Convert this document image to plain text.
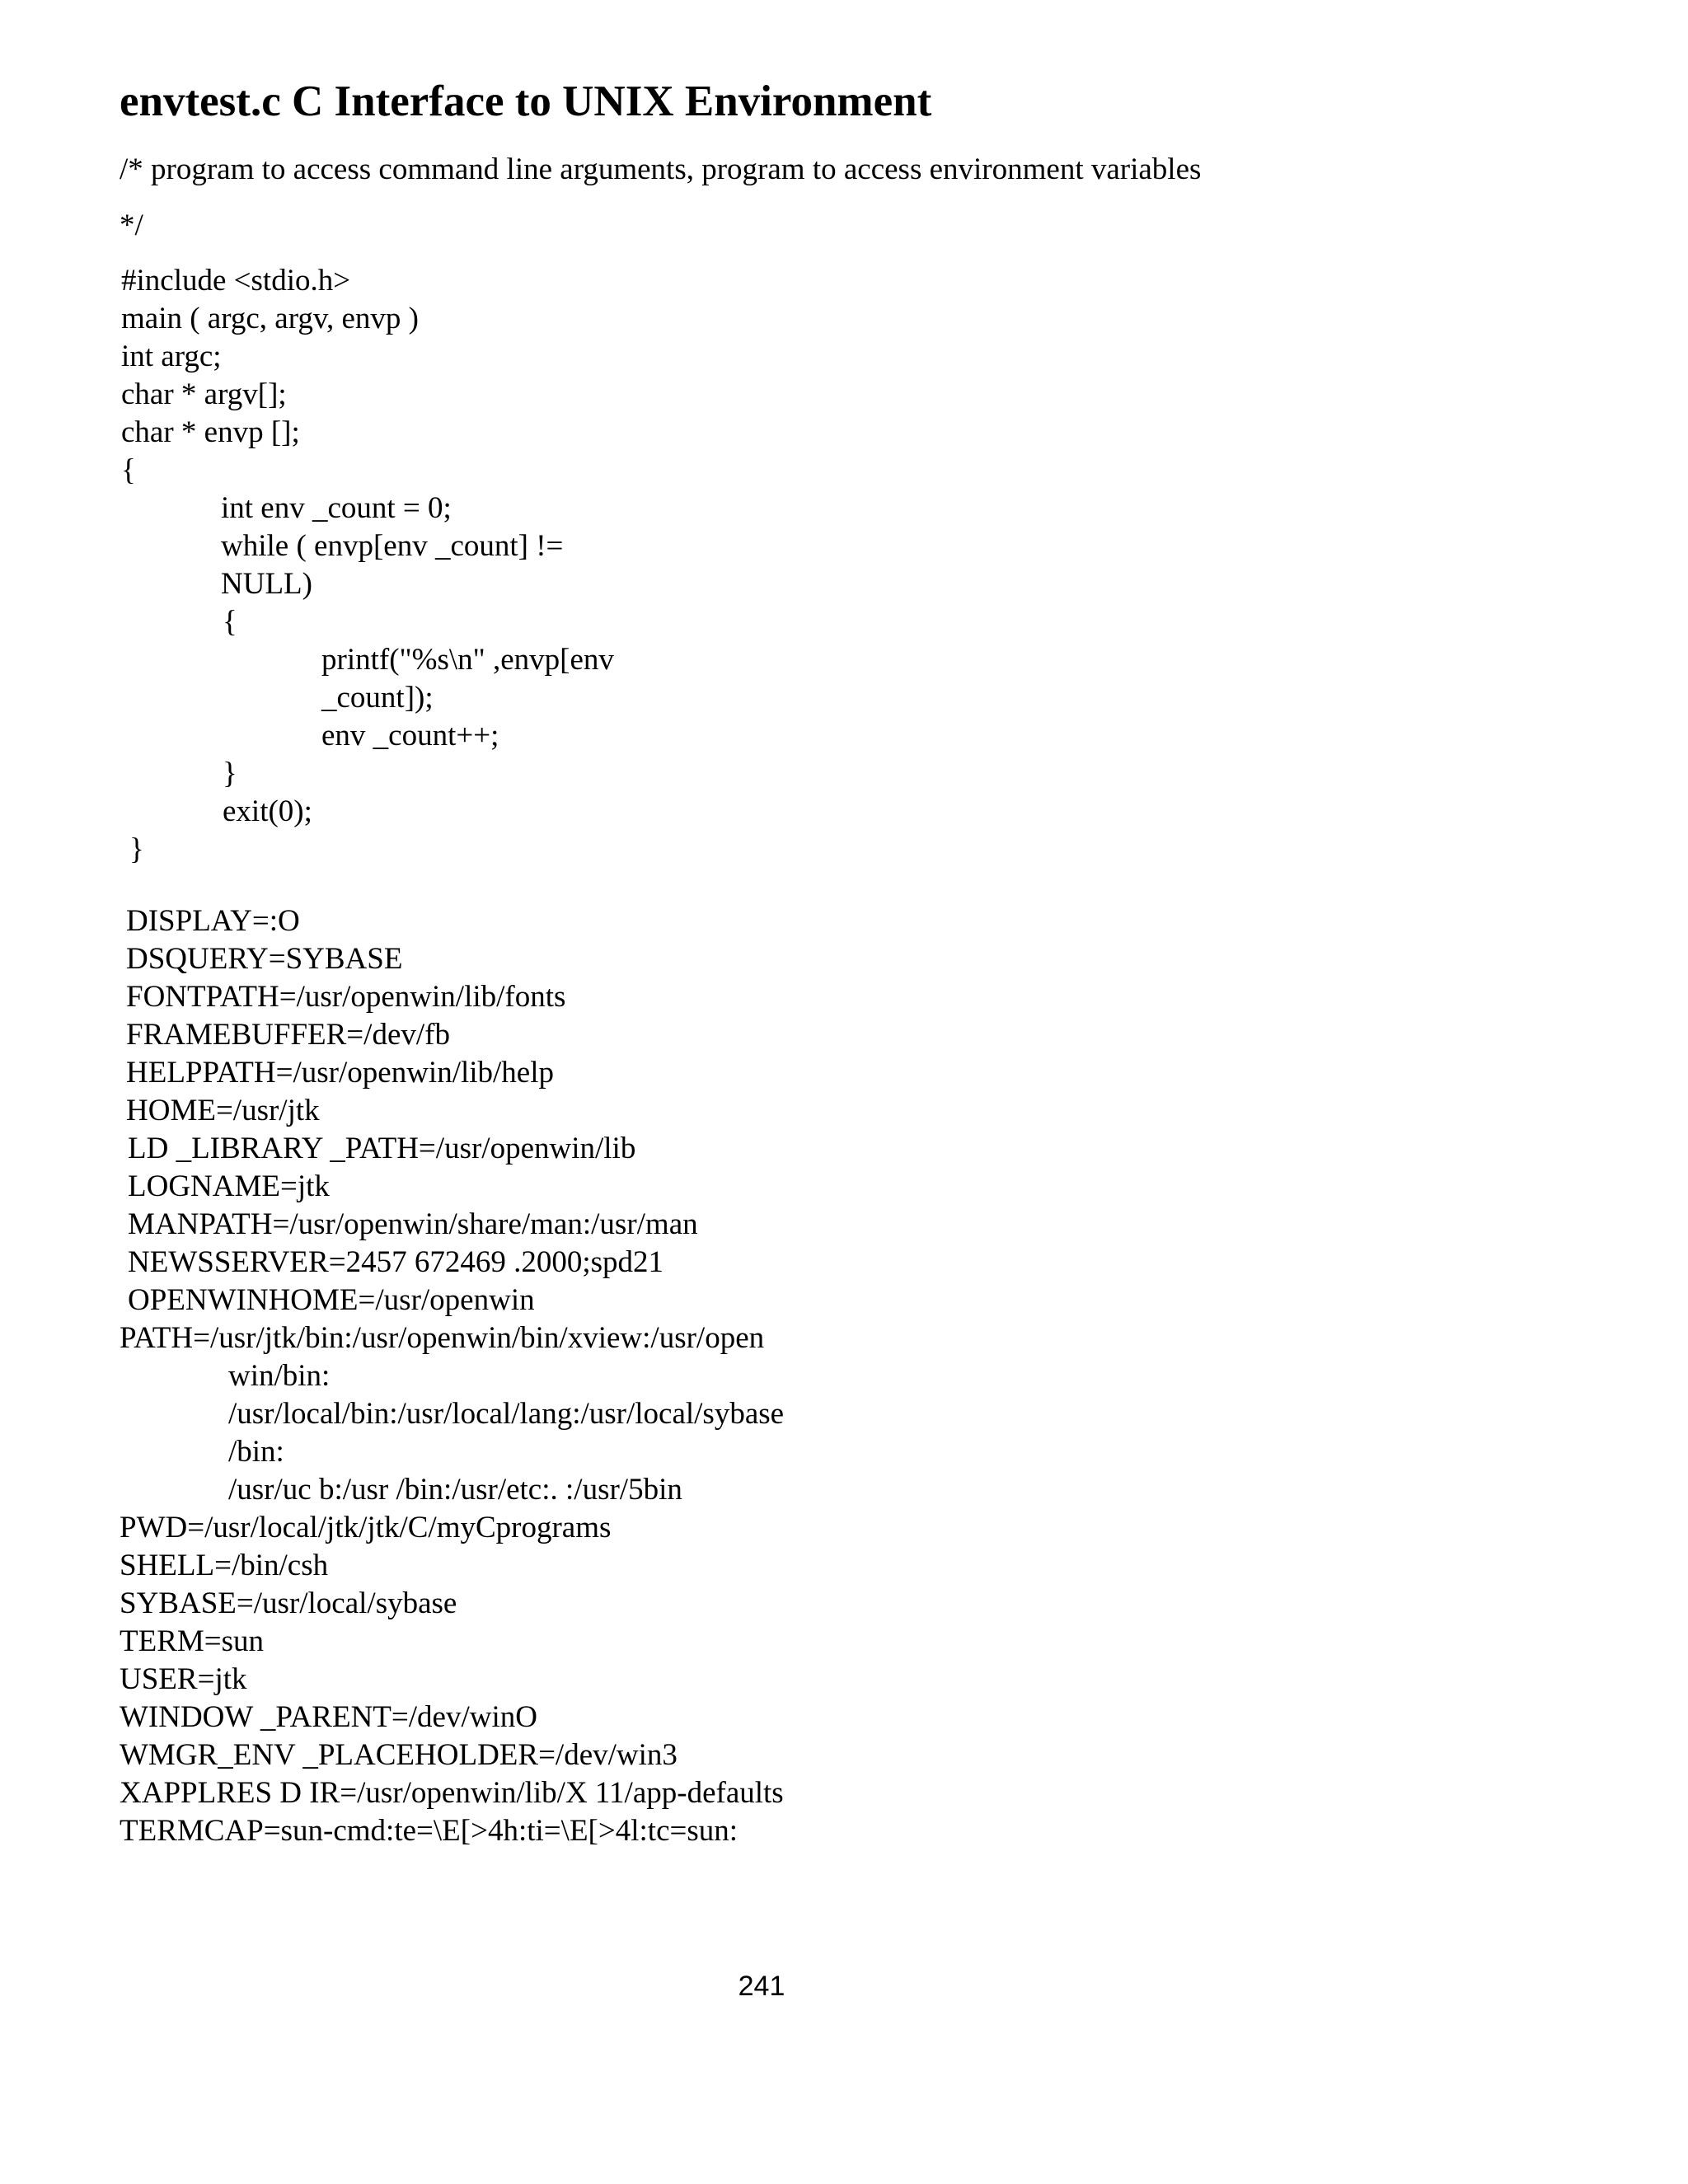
envtest.c C Interface to UNIX Environment
/* program to access command line arguments, program to access environment variables
*/
#include <stdio.h>
main ( argc, argv, envp )
int argc;
char * argv[];
char * envp [];
{
int env _count = 0;
while ( envp[env _count] !=
NULL)
{
printf("%s\n" ,envp[env
_count]);
env _count++;
}
exit(0);
}
DISPLAY=:O
DSQUERY=SYBASE
FONTPATH=/usr/openwin/lib/fonts
FRAMEBUFFER=/dev/fb
HELPPATH=/usr/openwin/lib/help
HOME=/usr/jtk
LD _LIBRARY _PATH=/usr/openwin/lib
LOGNAME=jtk
MANPATH=/usr/openwin/share/man:/usr/man
NEWSSERVER=2457 672469 .2000;spd21
OPENWINHOME=/usr/openwin
PATH=/usr/jtk/bin:/usr/openwin/bin/xview:/usr/open
win/bin:
/usr/local/bin:/usr/local/lang:/usr/local/sybase
/bin:
/usr/uc b:/usr /bin:/usr/etc:. :/usr/5bin
PWD=/usr/local/jtk/jtk/C/myCprograms
SHELL=/bin/csh
SYBASE=/usr/local/sybase
TERM=sun
USER=jtk
WINDOW _PARENT=/dev/winO
WMGR_ENV _PLACEHOLDER=/dev/win3
XAPPLRES D IR=/usr/openwin/lib/X 11/app-defaults
TERMCAP=sun-cmd:te=\E[>4h:ti=\E[>4l:tc=sun:
241
